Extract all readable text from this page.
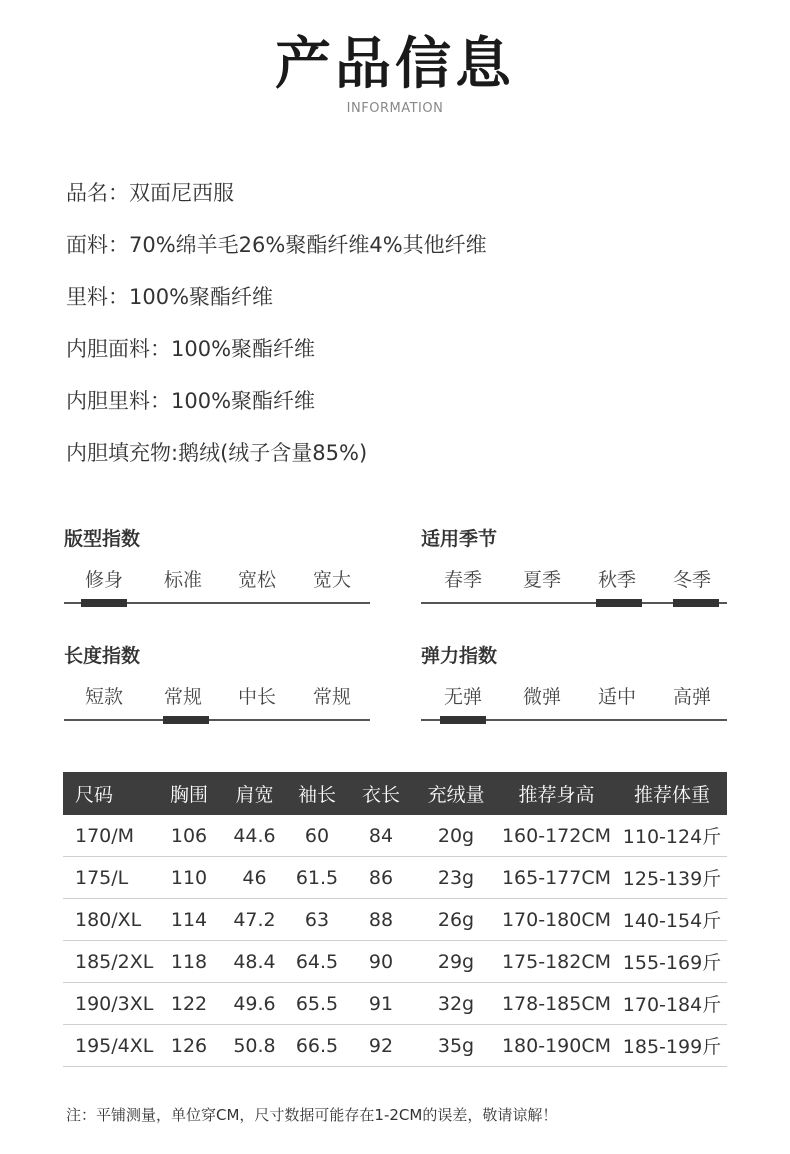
产品信息
INFORMATION
品名：双面尼西服
面料：70%绵羊毛26%聚酯纤维4%其他纤维
里料：100%聚酯纤维
内胆面料：100%聚酯纤维
内胆里料：100%聚酯纤维
内胆填充物:鹅绒(绒子含量85%)
版型指数
修身	标准	宽松	宽大
适用季节
春季	夏季	秋季	冬季
长度指数
短款	常规	中长	常规
弹力指数
无弹	微弹	适中	高弹
尺码	胸围	肩宽	袖长	衣长	充绒量	推荐身高	推荐体重
170/M	106	44.6	60	84	20g	160-172CM	110-124斤
175/L	110	46	61.5	86	23g	165-177CM	125-139斤
180/XL	114	47.2	63	88	26g	170-180CM	140-154斤
185/2XL	118	48.4	64.5	90	29g	175-182CM	155-169斤
190/3XL	122	49.6	65.5	91	32g	178-185CM	170-184斤
195/4XL	126	50.8	66.5	92	35g	180-190CM	185-199斤
注：平铺测量，单位穿CM，尺寸数据可能存在1-2CM的误差，敬请谅解！
